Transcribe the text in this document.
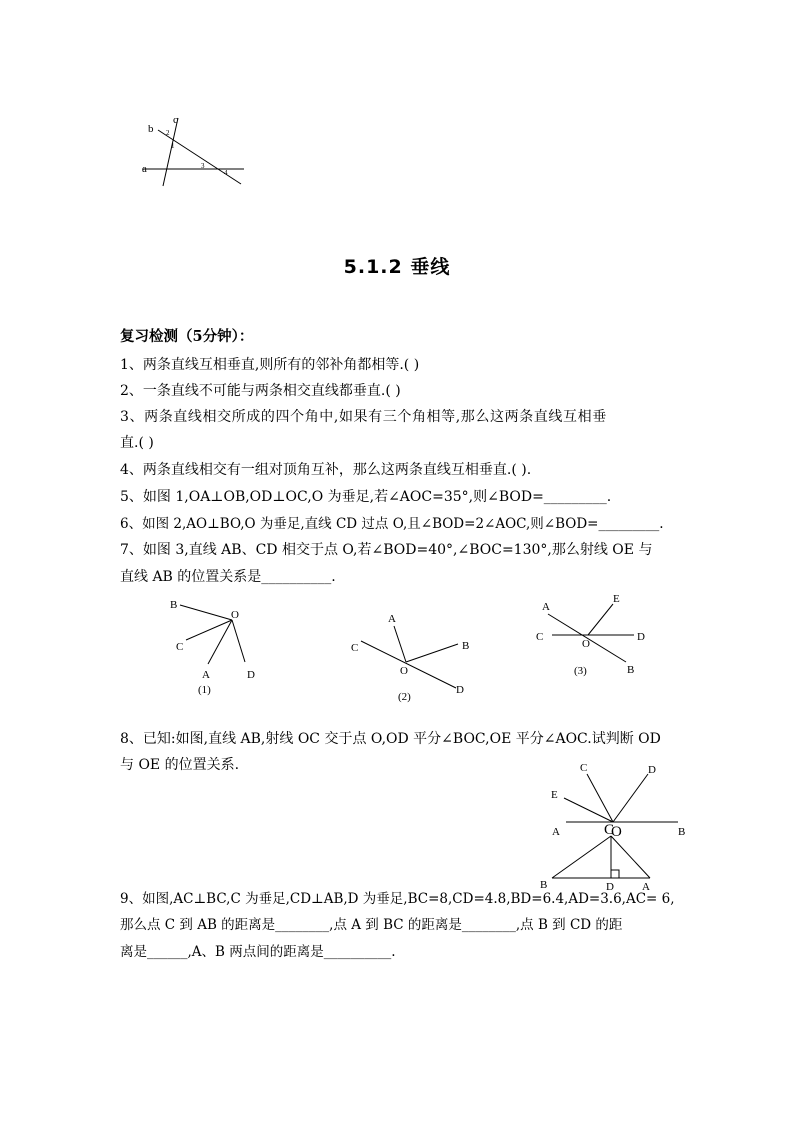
b
c
a
1
2
3
4
5.1.2 垂线
复习检测（5分钟）：
1、两条直线互相垂直,则所有的邻补角都相等.( )
2、一条直线不可能与两条相交直线都垂直.( )
3、两条直线相交所成的四个角中,如果有三个角相等,那么这两条直线互相垂
直.( )
4、两条直线相交有一组对顶角互补，那么这两条直线互相垂直.( ).
5、如图 1,OA⊥OB,OD⊥OC,O 为垂足,若∠AOC=35°,则∠BOD=_________.
6、如图 2,AO⊥BO,O 为垂足,直线 CD 过点 O,且∠BOD=2∠AOC,则∠BOD=_________.
7、如图 3,直线 AB、CD 相交于点 O,若∠BOD=40°,∠BOC=130°,那么射线 OE 与
直线 AB 的位置关系是__________.
B
O
C
A	D
(1)
A
B
C
O
D
(2)
A
E
C
O
D
B
(3)
8、已知:如图,直线 AB,射线 OC 交于点 O,OD 平分∠BOC,OE 平分∠AOC.试判断 OD
与 OE 的位置关系.	C	D
E
A	O	B
C
B	D	A
9、如图,AC⊥BC,C 为垂足,CD⊥AB,D 为垂足,BC=8,CD=4.8,BD=6.4,AD=3.6,AC= 6,
那么点 C 到 AB 的距离是________,点 A 到 BC 的距离是________,点 B 到 CD 的距
离是______,A、B 两点间的距离是__________.
